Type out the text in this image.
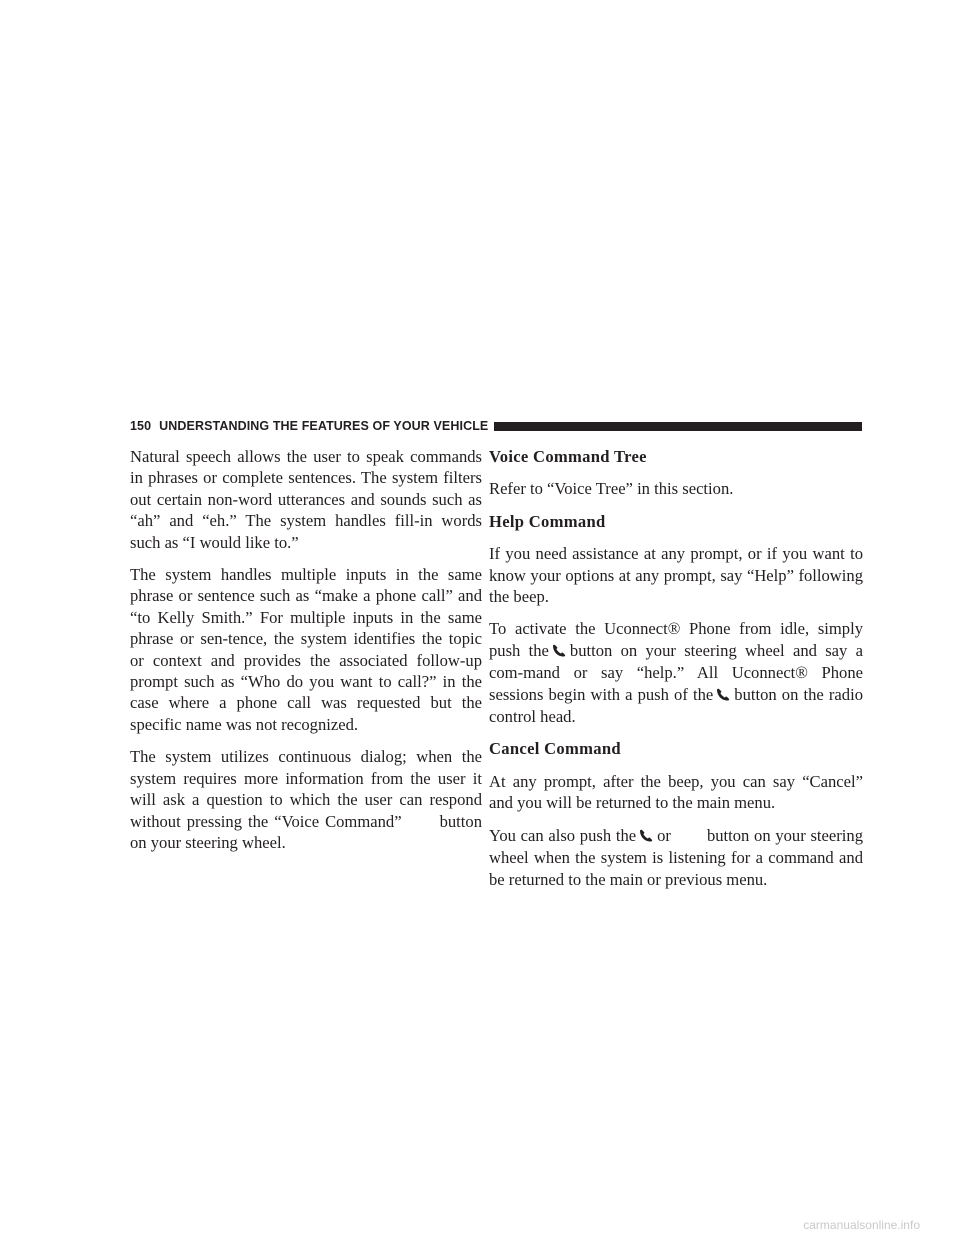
150 UNDERSTANDING THE FEATURES OF YOUR VEHICLE

Natural speech allows the user to speak commands in phrases or complete sentences. The system filters out certain non-word utterances and sounds such as “ah” and “eh.” The system handles fill-in words such as “I would like to.”

The system handles multiple inputs in the same phrase or sentence such as “make a phone call” and “to Kelly Smith.” For multiple inputs in the same phrase or sen-tence, the system identifies the topic or context and provides the associated follow-up prompt such as “Who do you want to call?” in the case where a phone call was requested but the specific name was not recognized.

The system utilizes continuous dialog; when the system requires more information from the user it will ask a question to which the user can respond without pressing the “Voice Command” button on your steering wheel.

Voice Command Tree

Refer to “Voice Tree” in this section.

Help Command

If you need assistance at any prompt, or if you want to know your options at any prompt, say “Help” following the beep.

To activate the Uconnect® Phone from idle, simply push the button on your steering wheel and say a com-mand or say “help.” All Uconnect® Phone sessions begin with a push of the button on the radio control head.

Cancel Command

At any prompt, after the beep, you can say “Cancel” and you will be returned to the main menu.

You can also push the or button on your steering wheel when the system is listening for a command and be returned to the main or previous menu.

carmanualsonline.info
